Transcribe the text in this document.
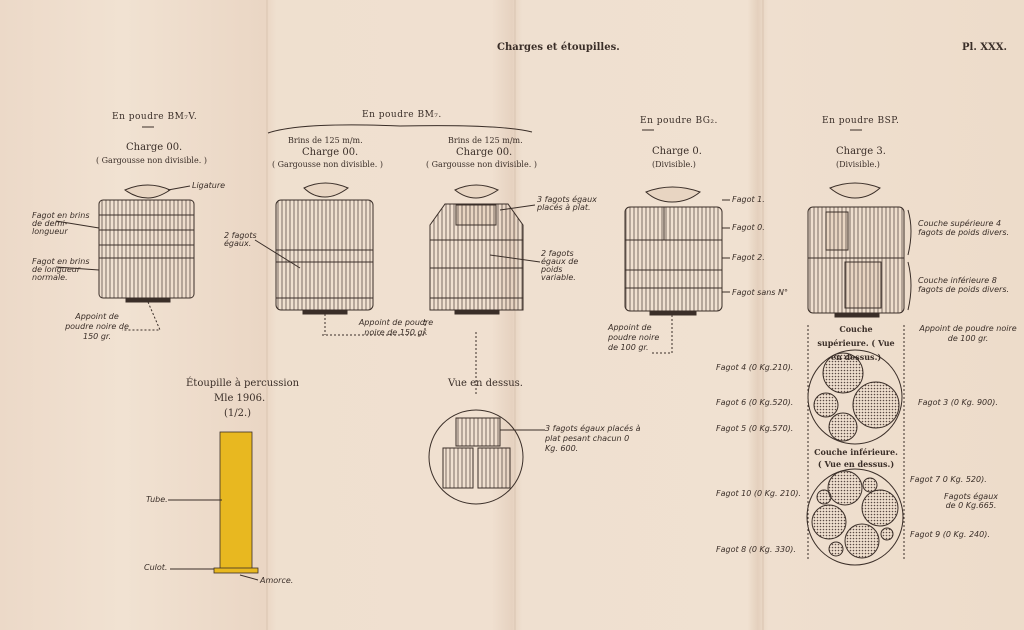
Charges et étoupilles.	Pl. XXX.
En poudre BM₇V.
Charge 00.
( Gargousse non divisible. )
Ligature
Fagot en brins de demi-longueur
Fagot en brins de longueur normale.
Appoint de poudre noire de 150 gr.
En poudre BM₇.
Brins de 125 m/m.
Charge 00.
( Gargousse non divisible. )
2 fagots égaux.
Appoint de poudre noire de 150 gr.
Brins de 125 m/m.
Charge 00.
( Gargousse non divisible. )
3 fagots égaux placés à plat.
2 fagots égaux de poids variable.
Vue en dessus.
3 fagots égaux placés à plat pesant chacun 0 Kg. 600.
En poudre BG₂.
Charge 0.
(Divisible.)
Fagot 1.
Fagot 0.
Fagot 2.
Fagot sans N°
Appoint de poudre noire de 100 gr.
En poudre BSP.
Charge 3.
(Divisible.)
Couche supérieure 4 fagots de poids divers.
Couche inférieure 8 fagots de poids divers.
Appoint de poudre noire de 100 gr.
Couche supérieure. ( Vue en dessus.)
Couche inférieure. ( Vue en dessus.)
Fagot 4 (0 Kg.210).
Fagot 6 (0 Kg.520).
Fagot 5 (0 Kg.570).
Fagot 3 (0 Kg. 900).
Fagot 7 0 Kg. 520).
Fagots égaux de 0 Kg.665.
Fagot 10 (0 Kg. 210).
Fagot 9 (0 Kg. 240).
Fagot 8 (0 Kg. 330).
Étoupille à percussion
Mle 1906.
(1/2.)
Tube.
Culot.
Amorce.
